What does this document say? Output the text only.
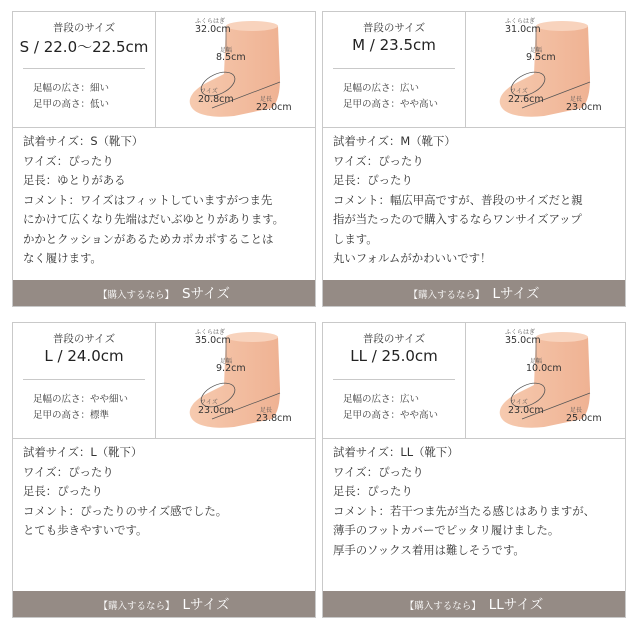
普段のサイズ
S / 22.0〜22.5cm
足幅の広さ：細い
足甲の高さ：低い
ふくらはぎ
32.0cm
足幅
8.5cm
ワイズ
20.8cm	足長
22.0cm
試着サイズ：S（靴下）
ワイズ：ぴったり
足長：ゆとりがある
コメント：ワイズはフィットしていますがつま先
にかけて広くなり先端はだいぶゆとりがあります。
かかとクッションがあるためカポカポすることは
なく履けます。
【購入するなら】 Sサイズ
普段のサイズ
M / 23.5cm
足幅の広さ：広い
足甲の高さ：やや高い
ふくらはぎ
31.0cm
足幅
9.5cm
ワイズ
22.6cm	足長
23.0cm
試着サイズ：M（靴下）
ワイズ：ぴったり
足長：ぴったり
コメント：幅広甲高ですが、普段のサイズだと親
指が当たったので購入するならワンサイズアップ
します。
丸いフォルムがかわいいです！
【購入するなら】 Lサイズ
普段のサイズ
L / 24.0cm
足幅の広さ：やや細い
足甲の高さ：標準
ふくらはぎ
35.0cm
足幅
9.2cm
ワイズ
23.0cm	足長
23.8cm
試着サイズ：L（靴下）
ワイズ：ぴったり
足長：ぴったり
コメント：ぴったりのサイズ感でした。
とても歩きやすいです。
【購入するなら】 Lサイズ
普段のサイズ
LL / 25.0cm
足幅の広さ：広い
足甲の高さ：やや高い
ふくらはぎ
35.0cm
足幅
10.0cm
ワイズ
23.0cm	足長
25.0cm
試着サイズ：LL（靴下）
ワイズ：ぴったり
足長：ぴったり
コメント：若干つま先が当たる感じはありますが、
薄手のフットカバーでピッタリ履けました。
厚手のソックス着用は難しそうです。
【購入するなら】 LLサイズ
